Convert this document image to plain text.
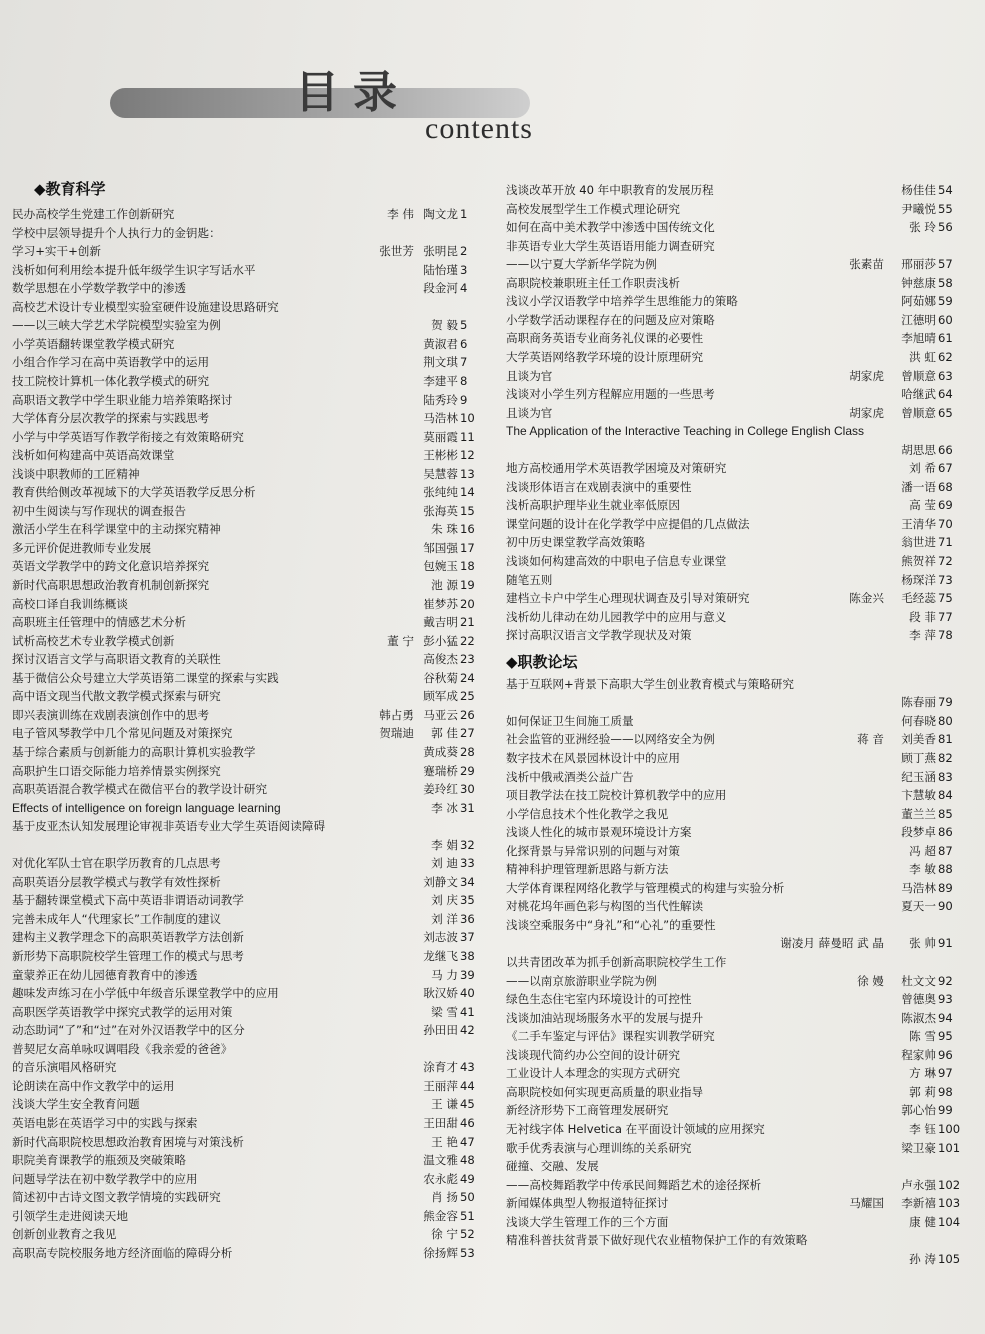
目录
contents
◆教育科学
民办高校学生党建工作创新研究	李 伟 陶文龙 1
学校中层领导提升个人执行力的金钥匙：
学习+实干+创新	张世芳 张明昆 2
浅析如何利用绘本提升低年级学生识字写话水平	陆怡瑾 3
数学思想在小学数学教学中的渗透	段金河 4
高校艺术设计专业模型实验室硬件设施建设思路研究
——以三峡大学艺术学院模型实验室为例	贺 毅 5
小学英语翻转课堂教学模式研究	黄淑君 6
小组合作学习在高中英语教学中的运用	荆文琪 7
技工院校计算机一体化教学模式的研究	李建平 8
高职语文教学中学生职业能力培养策略探讨	陆秀玲 9
大学体育分层次教学的探索与实践思考	马浩林 10
小学与中学英语写作教学衔接之有效策略研究	莫丽霞 11
浅析如何构建高中英语高效课堂	王彬彬 12
浅谈中职教师的工匠精神	吴慧蓉 13
教育供给侧改革视域下的大学英语教学反思分析	张纯纯 14
初中生阅读与写作现状的调查报告	张海英 15
激活小学生在科学课堂中的主动探究精神	朱 珠 16
多元评价促进教师专业发展	邹国强 17
英语文学教学中的跨文化意识培养探究	包婉玉 18
新时代高职思想政治教育机制创新探究	池 源 19
高校口译自我训练概谈	崔梦苏 20
高职班主任管理中的情感艺术分析	戴吉明 21
试析高校艺术专业教学模式创新	董 宁 彭小猛 22
探讨汉语言文学与高职语文教育的关联性	高俊杰 23
基于微信公众号建立大学英语第二课堂的探索与实践	谷秋菊 24
高中语文现当代散文教学模式探索与研究	顾军成 25
即兴表演训练在戏剧表演创作中的思考	韩占勇 马亚云 26
电子管风琴教学中几个常见问题及对策探究	贺瑞迪 郭 佳 27
基于综合素质与创新能力的高职计算机实验教学	黄成葵 28
高职护生口语交际能力培养情景实例探究	蹇瑞桥 29
高职英语混合教学模式在微信平台的教学设计研究	姜玲红 30
Effects of intelligence on foreign language learning	李 冰 31
基于皮亚杰认知发展理论审视非英语专业大学生英语阅读障碍
李 娟 32
对优化军队士官在职学历教育的几点思考	刘 迪 33
高职英语分层教学模式与教学有效性探析	刘静文 34
基于翻转课堂模式下高中英语非谓语动词教学	刘 庆 35
完善未成年人“代理家长”工作制度的建议	刘 洋 36
建构主义教学理念下的高职英语教学方法创新	刘志波 37
新形势下高职院校学生管理工作的模式与思考	龙继飞 38
童蒙养正在幼儿园德育教育中的渗透	马 力 39
趣味发声练习在小学低中年级音乐课堂教学中的应用	耿汉娇 40
高职医学英语教学中探究式教学的运用对策	梁 雪 41
动态助词“了”和“过”在对外汉语教学中的区分	孙田田 42
普契尼女高单咏叹调唱段《我亲爱的爸爸》
的音乐演唱风格研究	涂育才 43
论朗读在高中作文教学中的运用	王丽萍 44
浅谈大学生安全教育问题	王 谦 45
英语电影在英语学习中的实践与探索	王田甜 46
新时代高职院校思想政治教育困境与对策浅析	王 艳 47
职院美育课教学的瓶颈及突破策略	温文雅 48
问题导学法在初中数学教学中的应用	农永彪 49
简述初中古诗文图文教学情境的实践研究	肖 扬 50
引领学生走进阅读天地	熊金容 51
创新创业教育之我见	徐 宁 52
高职高专院校服务地方经济面临的障碍分析	徐扬辉 53
◆职教论坛
浅谈改革开放 40 年中职教育的发展历程	杨佳佳 54
高校发展型学生工作模式理论研究	尹曦悦 55
如何在高中美术教学中渗透中国传统文化	张 玲 56
非英语专业大学生英语语用能力调查研究
——以宁夏大学新华学院为例	张素苗 邢丽莎 57
高职院校兼职班主任工作职责浅析	钟慈康 58
浅议小学汉语教学中培养学生思维能力的策略	阿茹娜 59
小学数学活动课程存在的问题及应对策略	江德明 60
高职商务英语专业商务礼仪课的必要性	李旭晴 61
大学英语网络教学环境的设计原理研究	洪 虹 62
且谈为官	胡家虎 曾顺意 63
浅谈对小学生列方程解应用题的一些思考	哈继武 64
且谈为官	胡家虎 曾顺意 65
The Application of the Interactive Teaching in College English Class
胡思思 66
地方高校通用学术英语教学困境及对策研究	刘 希 67
浅谈形体语言在戏剧表演中的重要性	潘一语 68
浅析高职护理毕业生就业率低原因	高 莹 69
课堂问题的设计在化学教学中应提倡的几点做法	王清华 70
初中历史课堂教学高效策略	翁世进 71
浅谈如何构建高效的中职电子信息专业课堂	熊贺祥 72
随笔五则	杨琛洋 73
建档立卡户中学生心理现状调查及引导对策研究	陈金兴 毛经蕊 75
浅析幼儿律动在幼儿园教学中的应用与意义	段 菲 77
探讨高职汉语言文学教学现状及对策	李 萍 78
基于互联网+背景下高职大学生创业教育模式与策略研究
陈春丽 79
如何保证卫生间施工质量	何春晓 80
社会监管的亚洲经验——以网络安全为例	蒋 音 刘美香 81
数字技术在风景园林设计中的应用	顾丁燕 82
浅析中俄戒酒类公益广告	纪玉涵 83
项目教学法在技工院校计算机教学中的应用	卞慧敏 84
小学信息技术个性化教学之我见	董兰兰 85
浅谈人性化的城市景观环境设计方案	段梦卓 86
化探背景与异常识别的问题与对策	冯 超 87
精神科护理管理新思路与新方法	李 敏 88
大学体育课程网络化教学与管理模式的构建与实验分析	马浩林 89
对桃花坞年画色彩与构图的当代性解读	夏天一 90
浅谈空乘服务中“身礼”和“心礼”的重要性
谢凌月 薛曼昭 武 晶 张 帅 91
以共青团改革为抓手创新高职院校学生工作
——以南京旅游职业学院为例	徐 嫚 杜文文 92
绿色生态住宅室内环境设计的可控性	曾德奥 93
浅谈加油站现场服务水平的发展与提升	陈淑杰 94
《二手车鉴定与评估》课程实训教学研究	陈 雪 95
浅谈现代简约办公空间的设计研究	程家帅 96
工业设计人本理念的实现方式研究	方 琳 97
高职院校如何实现更高质量的职业指导	郭 莉 98
新经济形势下工商管理发展研究	郭心怡 99
无衬线字体 Helvetica 在平面设计领域的应用探究	李 钰 100
歌手优秀表演与心理训练的关系研究	梁卫豪 101
碰撞、交融、发展
——高校舞蹈教学中传承民间舞蹈艺术的途径探析	卢永强 102
新闻媒体典型人物报道特征探讨	马耀国 李新禧 103
浅谈大学生管理工作的三个方面	康 健 104
精准科普扶贫背景下做好现代农业植物保护工作的有效策略
孙 涛 105
